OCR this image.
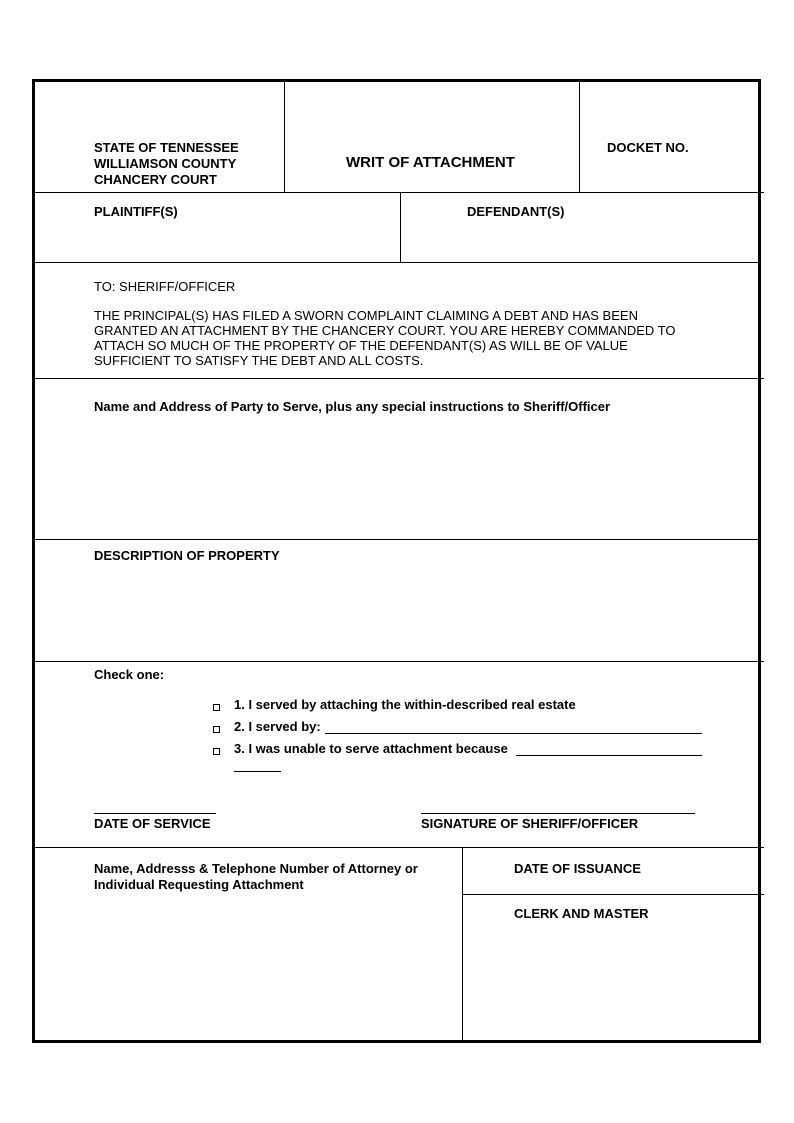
STATE OF TENNESSEE
WILLIAMSON COUNTY
CHANCERY COURT
WRIT OF ATTACHMENT
DOCKET NO.
PLAINTIFF(S)	DEFENDANT(S)
TO: SHERIFF/OFFICER
THE PRINCIPAL(S) HAS FILED A SWORN COMPLAINT CLAIMING A DEBT AND HAS BEEN
GRANTED AN ATTACHMENT BY THE CHANCERY COURT. YOU ARE HEREBY COMMANDED TO
ATTACH SO MUCH OF THE PROPERTY OF THE DEFENDANT(S) AS WILL BE OF VALUE
SUFFICIENT TO SATISFY THE DEBT AND ALL COSTS.
Name and Address of Party to Serve, plus any special instructions to Sheriff/Officer
DESCRIPTION OF PROPERTY
Check one:
1. I served by attaching the within-described real estate
2. I served by:
3. I was unable to serve attachment because
DATE OF SERVICE	SIGNATURE OF SHERIFF/OFFICER
Name, Addresss & Telephone Number of Attorney or
Individual Requesting Attachment
DATE OF ISSUANCE
CLERK AND MASTER
